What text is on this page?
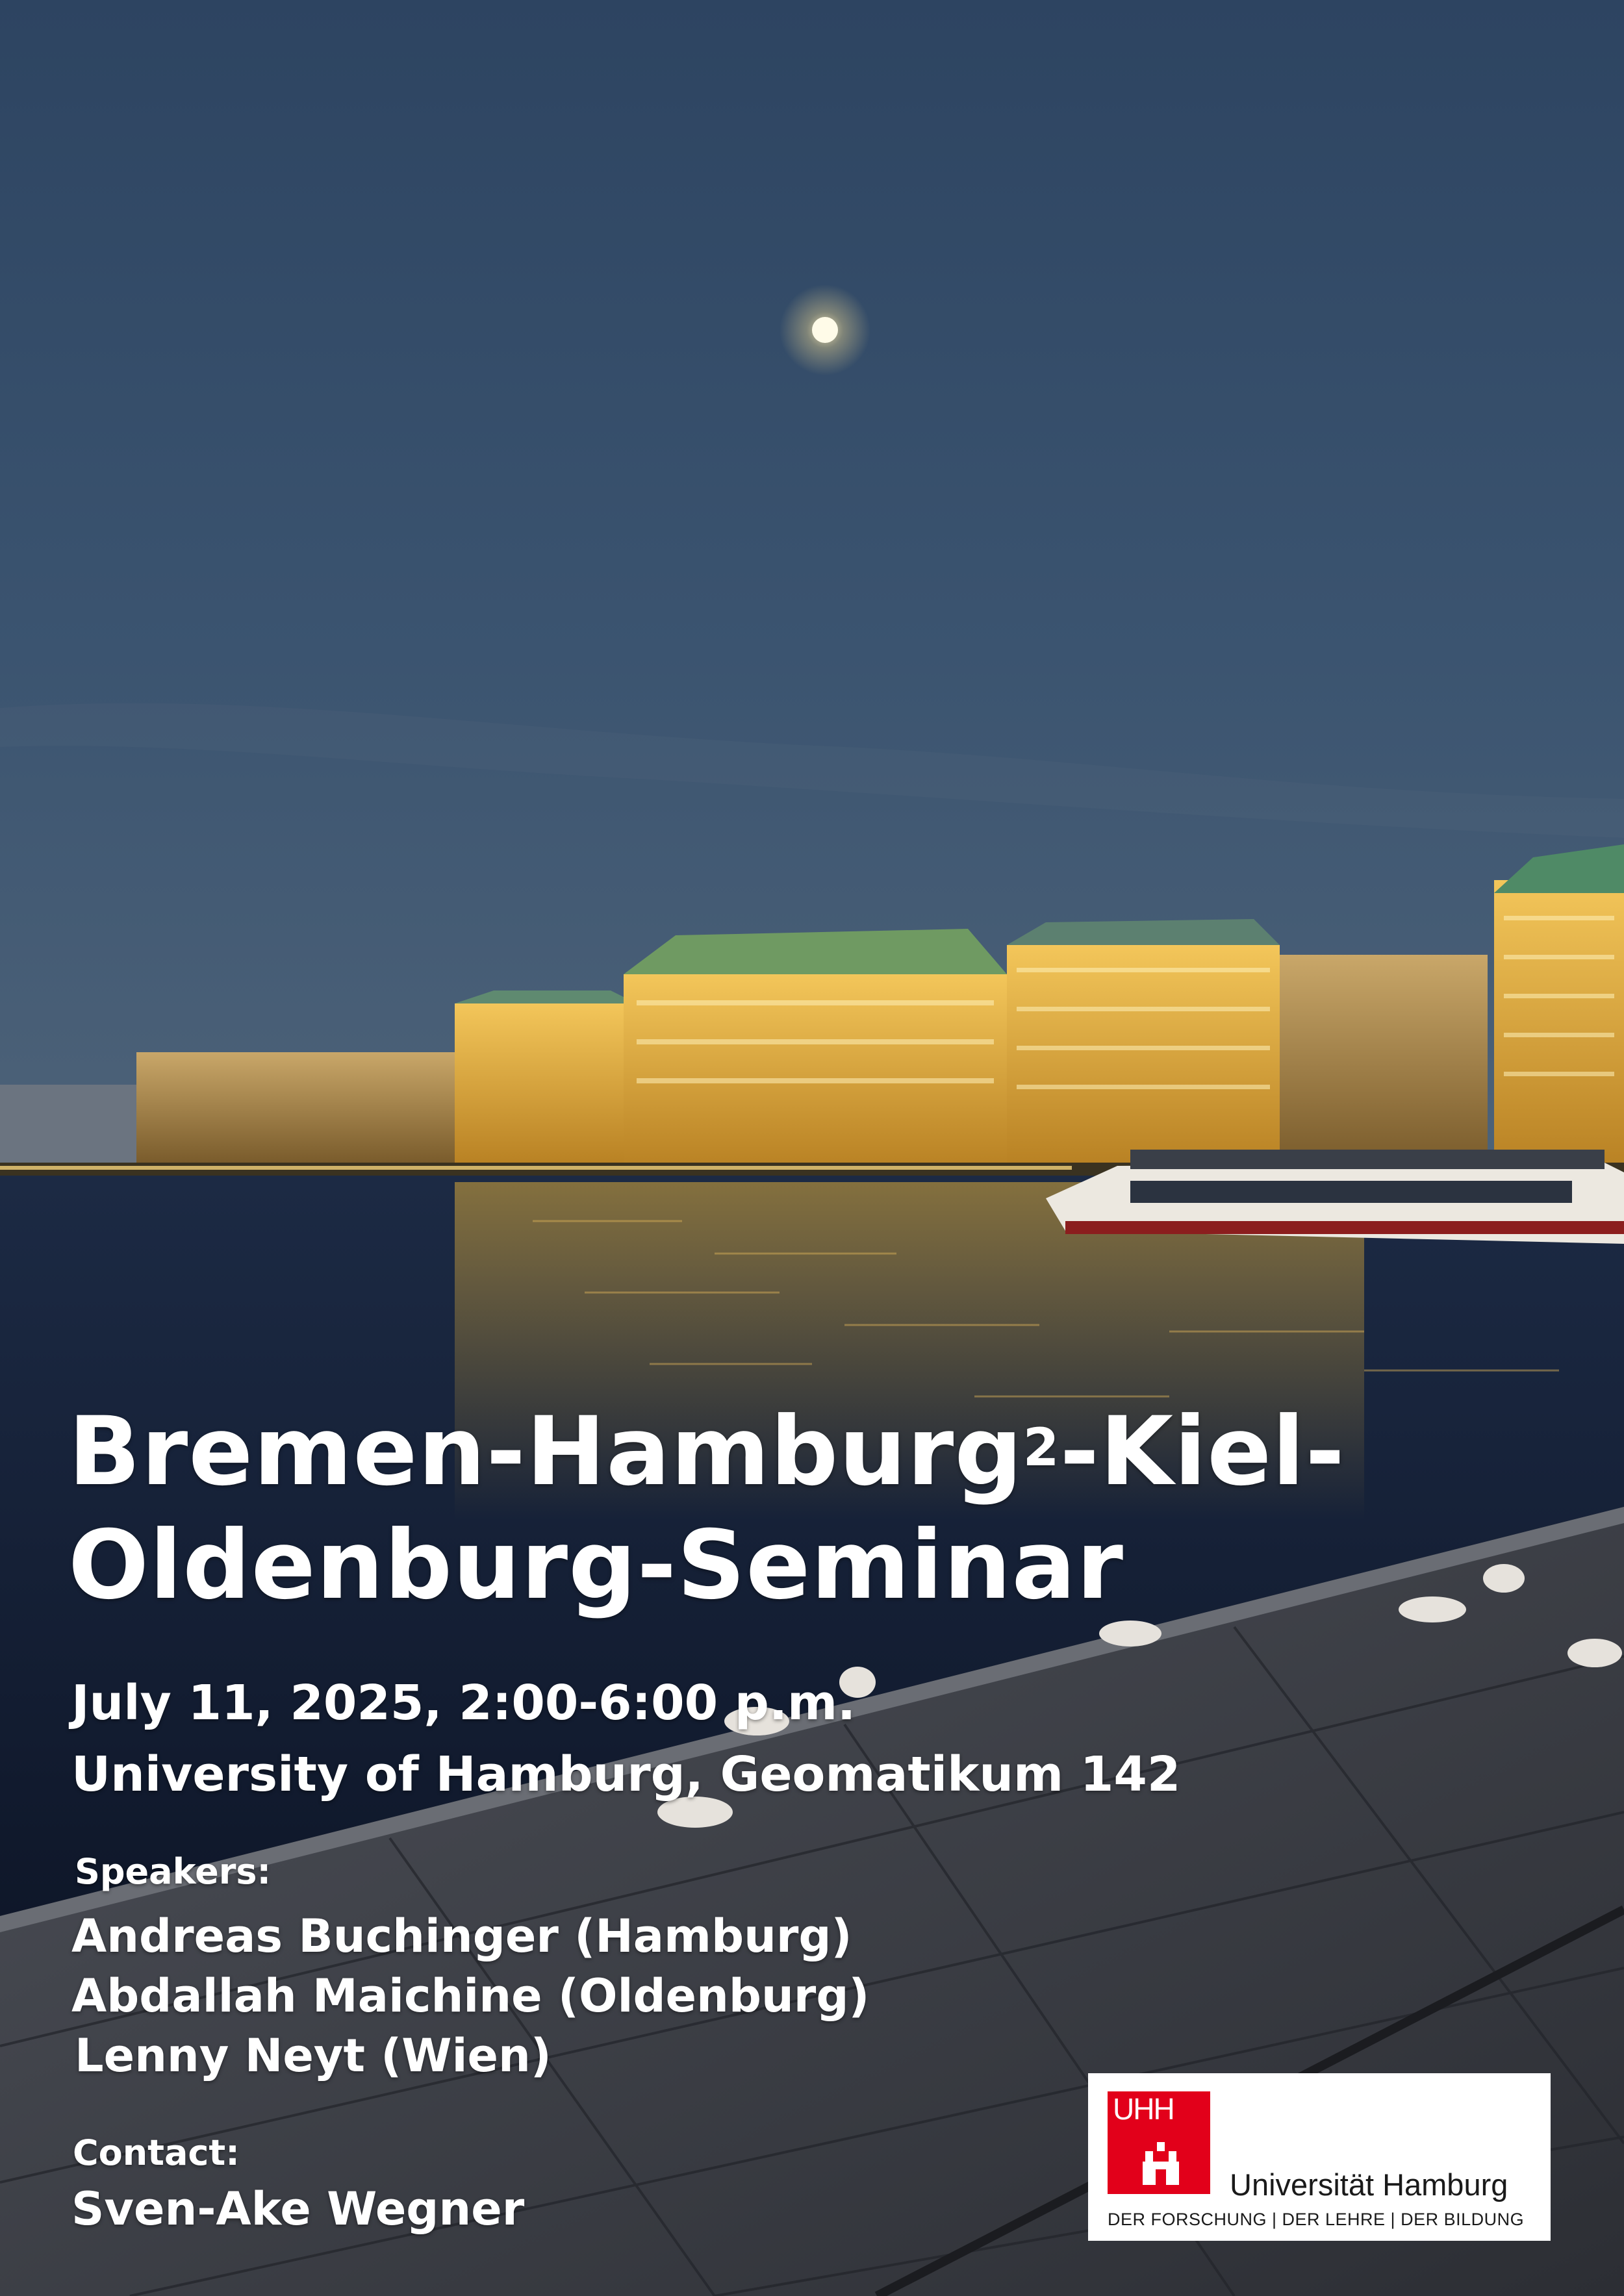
Bremen-Hamburg$^2$-Kiel-
Oldenburg-Seminar
July 11, 2025, 2:00-6:00 p.m.
University of Hamburg, Geomatikum 142
Speakers:
Andreas Buchinger (Hamburg)
Abdallah Maichine (Oldenburg)
Lenny Neyt (Wien)
Contact:
Sven-Ake Wegner
UHH
Universität Hamburg
DER FORSCHUNG | DER LEHRE | DER BILDUNG
